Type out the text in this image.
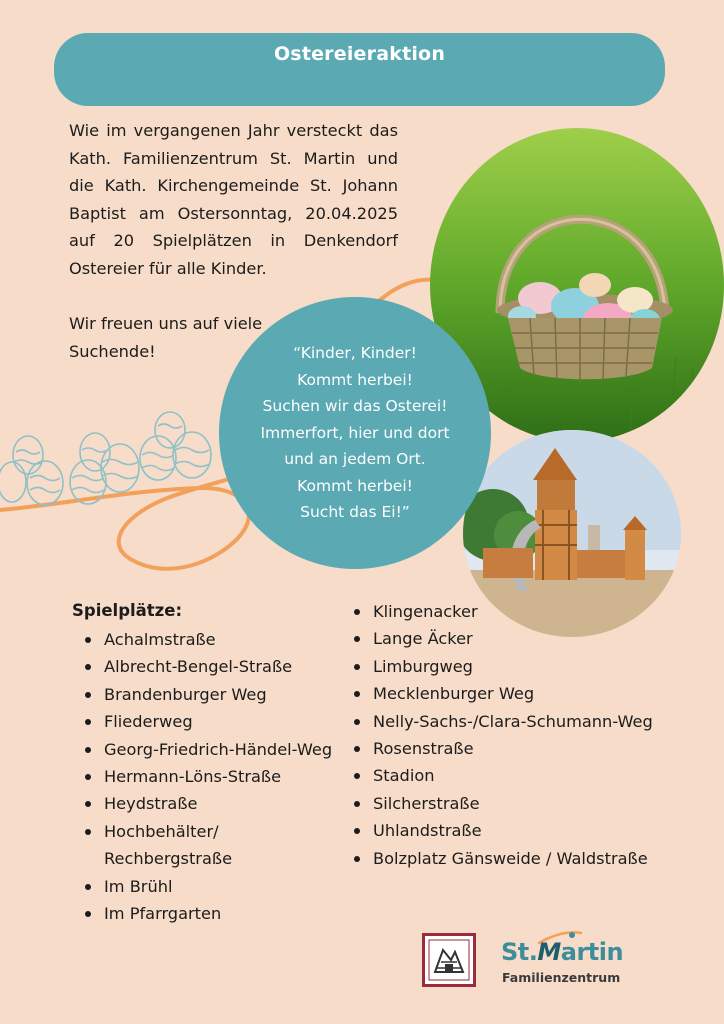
Ostereieraktion
Wie im vergangenen Jahr versteckt das Kath. Familienzentrum St. Martin und die Kath. Kirchengemeinde St. Johann Baptist am Ostersonntag, 20.04.2025 auf 20 Spielplätzen in Denkendorf Ostereier für alle Kinder.
Wir freuen uns auf viele Suchende!	“Kinder, Kinder!
Kommt herbei!
Suchen wir das Osterei!
Immerfort, hier und dort
und an jedem Ort.
Kommt herbei!
Sucht das Ei!”
Spielplätze:
Achalmstraße
Albrecht-Bengel-Straße
Brandenburger Weg
Fliederweg
Georg-Friedrich-Händel-Weg
Hermann-Löns-Straße
Heydstraße
Hochbehälter/ Rechbergstraße
Im Brühl
Im Pfarrgarten
Klingenacker
Lange Äcker
Limburgweg
Mecklenburger Weg
Nelly-Sachs-/Clara-Schumann-Weg
Rosenstraße
Stadion
Silcherstraße
Uhlandstraße
Bolzplatz Gänsweide / Waldstraße
St.Martin
Familienzentrum
